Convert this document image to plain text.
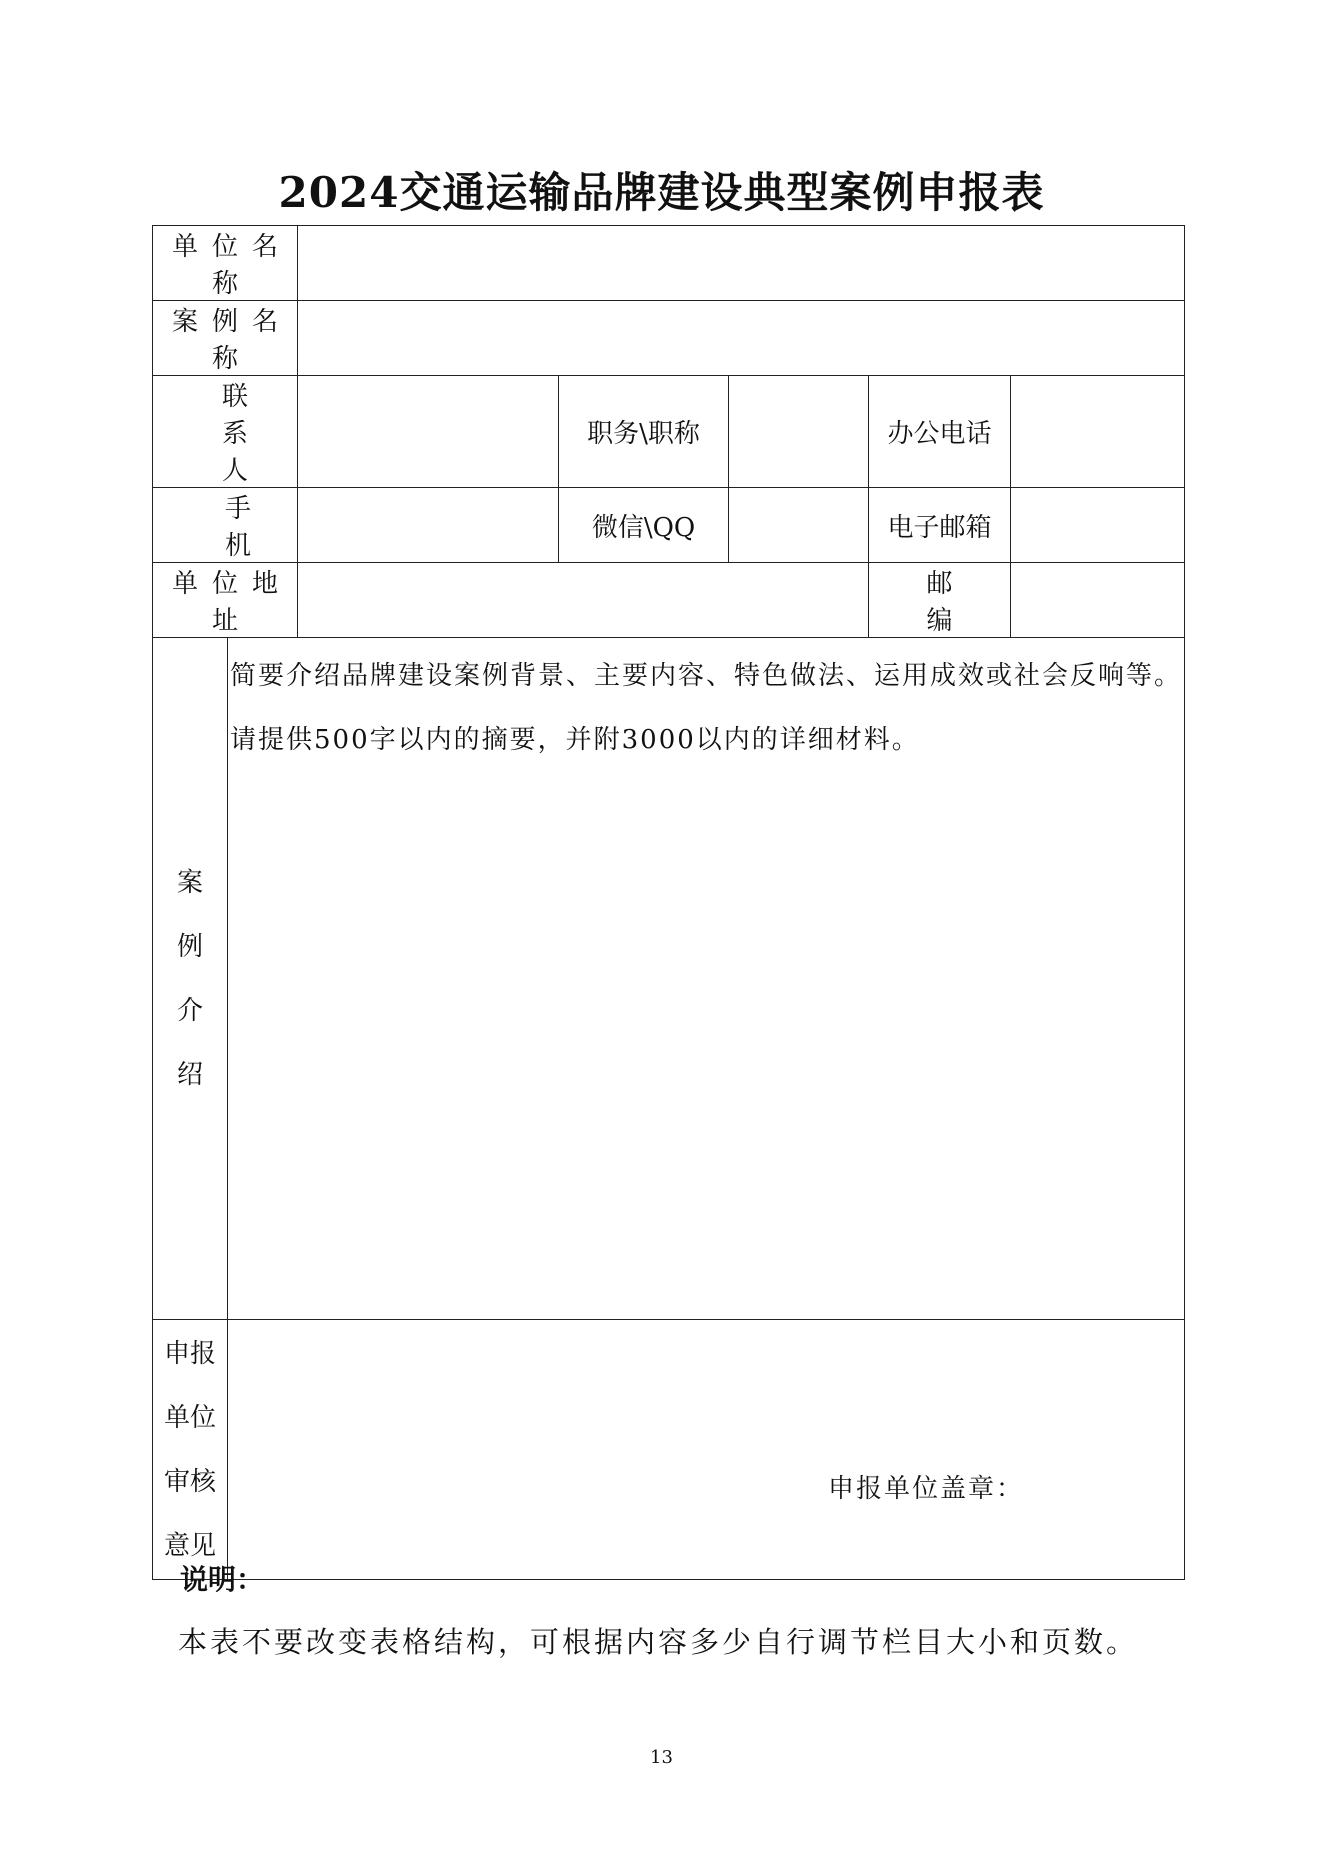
2024交通运输品牌建设典型案例申报表
单位名称						
案例名称						
联系人			职务\职称		办公电话	
手机			微信\QQ		电子邮箱	
单位地址					邮编	

案
例
介
绍	简要介绍品牌建设案例背景、主要内容、特色做法、运用成效或社会反响等。请提供500字以内的摘要，并附3000以内的详细材料。					

申报
单位
审核
意见	申报单位盖章：					
说明：
本表不要改变表格结构，可根据内容多少自行调节栏目大小和页数。
13
